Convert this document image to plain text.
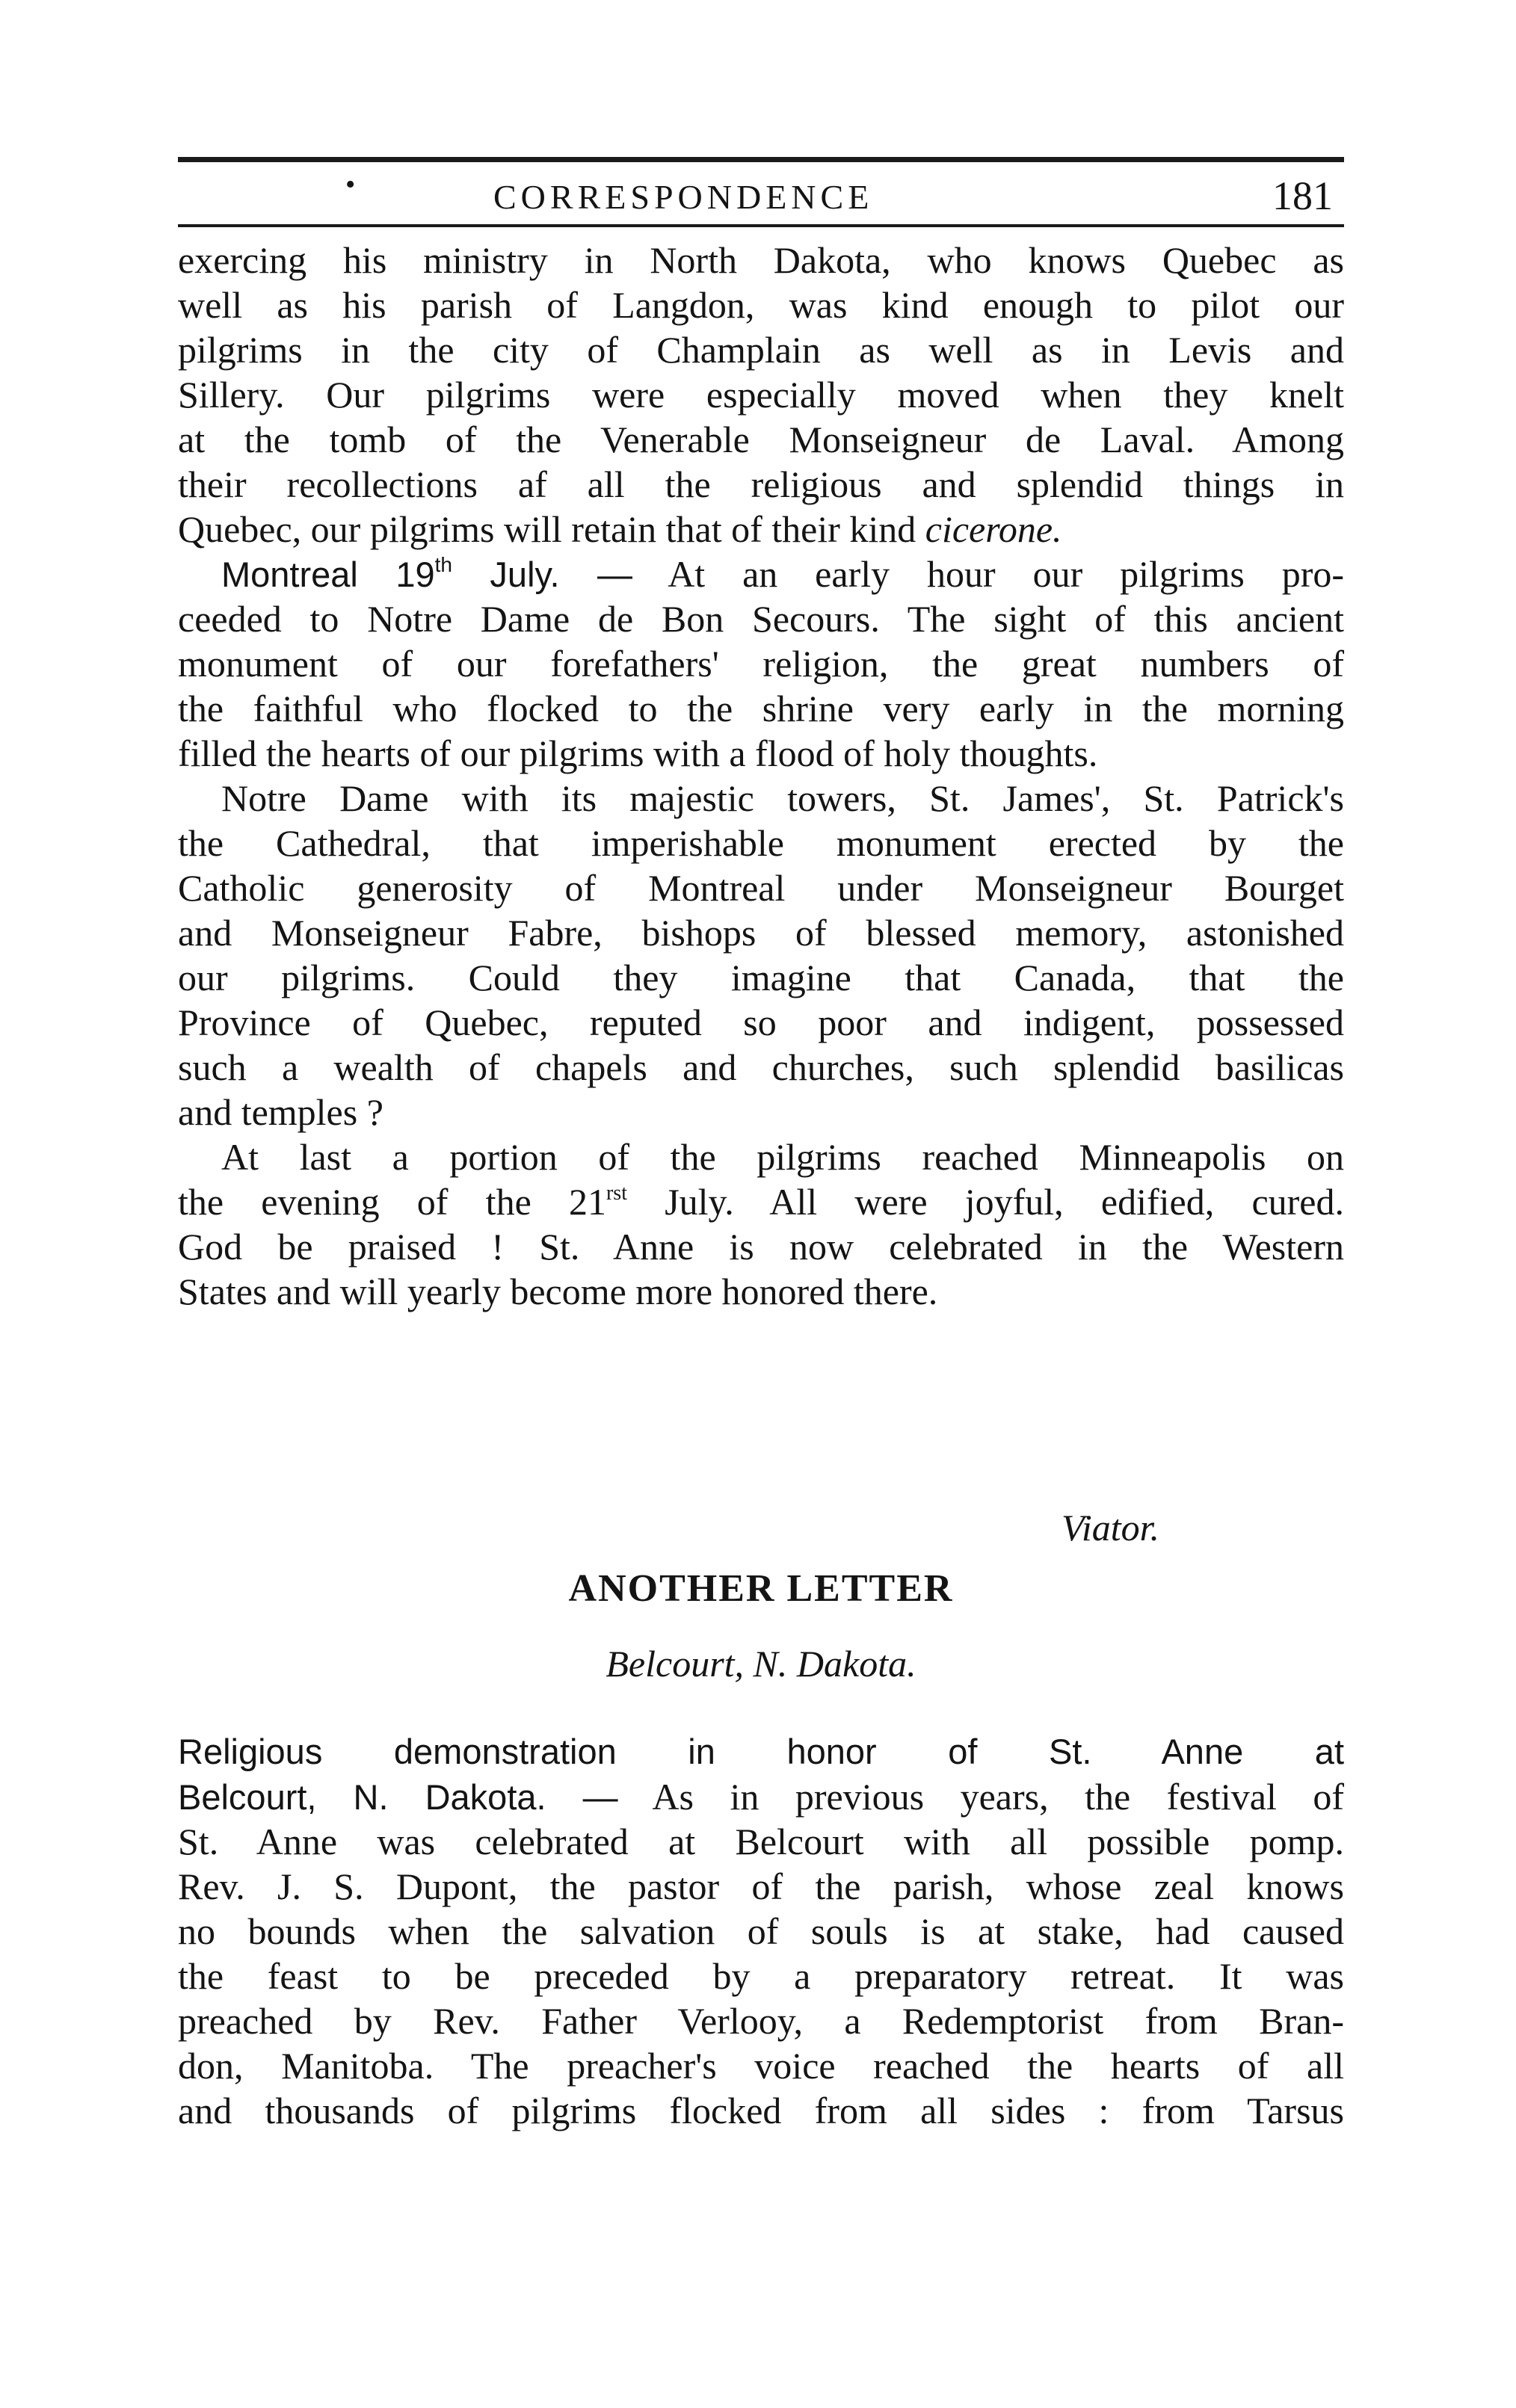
•	CORRESPONDENCE	181

exercing his ministry in North Dakota, who knows Quebec as

well as his parish of Langdon, was kind enough to pilot our

pilgrims in the city of Champlain as well as in Levis and

Sillery. Our pilgrims were especially moved when they knelt

at the tomb of the Venerable Monseigneur de Laval. Among

their recollections af all the religious and splendid things in

Quebec, our pilgrims will retain that of their kind cicerone.

Montreal 19th July. — At an early hour our pilgrims pro-

ceeded to Notre Dame de Bon Secours. The sight of this ancient

monument of our forefathers' religion, the great numbers of

the faithful who flocked to the shrine very early in the morning

filled the hearts of our pilgrims with a flood of holy thoughts.

Notre Dame with its majestic towers, St. James', St. Patrick's

the Cathedral, that imperishable monument erected by the

Catholic generosity of Montreal under Monseigneur Bourget

and Monseigneur Fabre, bishops of blessed memory, astonished

our pilgrims. Could they imagine that Canada, that the

Province of Quebec, reputed so poor and indigent, possessed

such a wealth of chapels and churches, such splendid basilicas

and temples ?

At last a portion of the pilgrims reached Minneapolis on

the evening of the $21^{rst}$ July. All were joyful, edified, cured.

God be praised ! St. Anne is now celebrated in the Western

States and will yearly become more honored there.

Viator.
ANOTHER LETTER
Belcourt, N. Dakota.

Religious demonstration in honor of St. Anne at

Belcourt, N. Dakota. — As in previous years, the festival of

St. Anne was celebrated at Belcourt with all possible pomp.

Rev. J. S. Dupont, the pastor of the parish, whose zeal knows

no bounds when the salvation of souls is at stake, had caused

the feast to be preceded by a preparatory retreat. It was

preached by Rev. Father Verlooy, a Redemptorist from Bran-

don, Manitoba. The preacher's voice reached the hearts of all

and thousands of pilgrims flocked from all sides : from Tarsus
